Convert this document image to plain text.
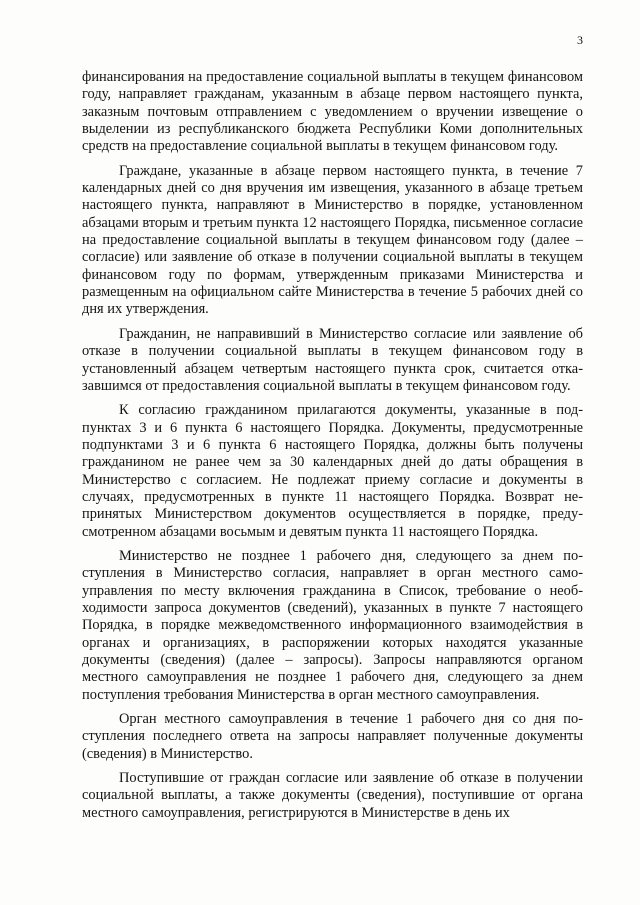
3

финансирования на предоставление социальной выплаты в текущем финансовом году, направляет гражданам, указанным в абзаце первом настоящего пункта, заказным почтовым отправлением с уведомлением о вручении извещение о выделении из республиканского бюджета Республики Коми дополнительных средств на предоставление социальной выплаты в текущем финансовом году.

Граждане, указанные в абзаце первом настоящего пункта, в течение 7 календарных дней со дня вручения им извещения, указанного в абзаце третьем настоящего пункта, направляют в Министерство в порядке, установленном абзацами вторым и третьим пункта 12 настоящего Порядка, письменное согласие на предоставление социальной выплаты в текущем финансовом году (далее – согласие) или заявление об отказе в получении социальной выплаты в текущем финансовом году по формам, утвержденным приказами Министерства и размещенным на официальном сайте Министерства в течение 5 рабочих дней со дня их утверждения.

Гражданин, не направивший в Министерство согласие или заявление об отказе в получении социальной выплаты в текущем финансовом году в установленный абзацем четвертым настоящего пункта срок, считается отказавшимся от предоставления социальной выплаты в текущем финансовом году.

К согласию гражданином прилагаются документы, указанные в подпунктах 3 и 6 пункта 6 настоящего Порядка. Документы, предусмотренные подпунктами 3 и 6 пункта 6 настоящего Порядка, должны быть получены гражданином не ранее чем за 30 календарных дней до даты обращения в Министерство с согласием. Не подлежат приему согласие и документы в случаях, предусмотренных в пункте 11 настоящего Порядка. Возврат непринятых Министерством документов осуществляется в порядке, предусмотренном абзацами восьмым и девятым пункта 11 настоящего Порядка.

Министерство не позднее 1 рабочего дня, следующего за днем поступления в Министерство согласия, направляет в орган местного самоуправления по месту включения гражданина в Список, требование о необходимости запроса документов (сведений), указанных в пункте 7 настоящего Порядка, в порядке межведомственного информационного взаимодействия в органах и организациях, в распоряжении которых находятся указанные документы (сведения) (далее – запросы). Запросы направляются органом местного самоуправления не позднее 1 рабочего дня, следующего за днем поступления требования Министерства в орган местного самоуправления.

Орган местного самоуправления в течение 1 рабочего дня со дня поступления последнего ответа на запросы направляет полученные документы (сведения) в Министерство.

Поступившие от граждан согласие или заявление об отказе в получении социальной выплаты, а также документы (сведения), поступившие от органа местного самоуправления, регистрируются в Министерстве в день их
